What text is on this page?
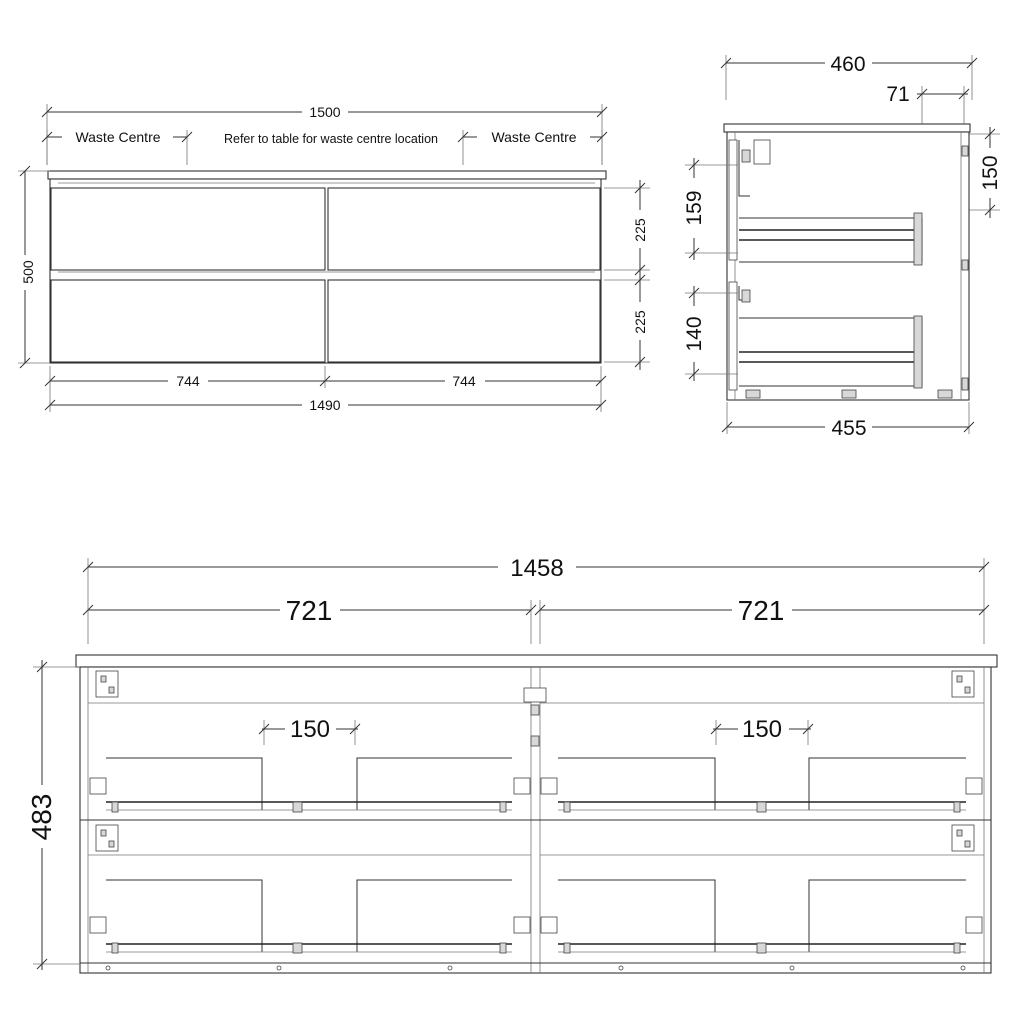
1500
Waste Centre	Refer to table for waste centre location	Waste Centre
500
225
225
744	744
1490
460
71
150
159
140
455
1458
721	721
150	150
483
